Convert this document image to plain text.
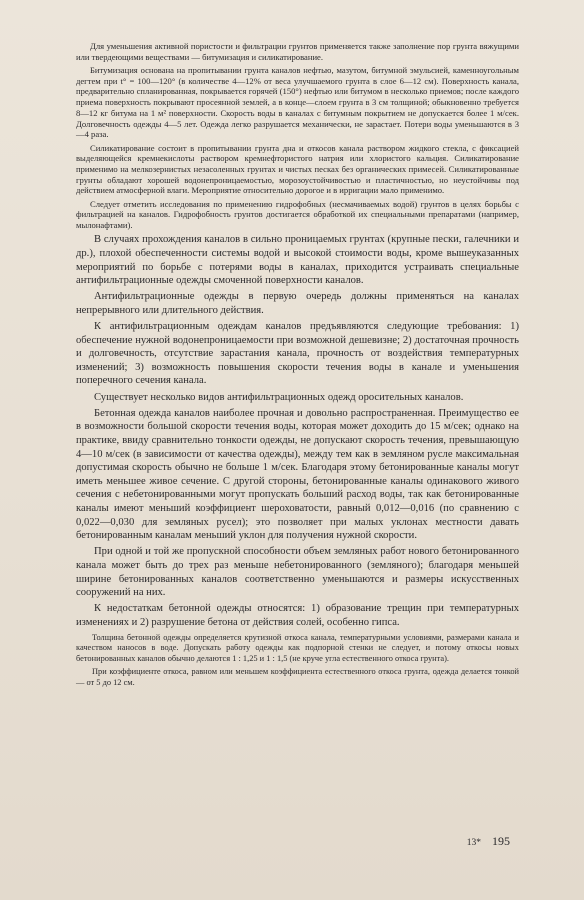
Для уменьшения активной пористости и фильтрации грунтов применяется также заполнение пор грунта вяжущими или твердеющими веществами — битумизация и силикатирование.

Битумизация основана на пропитывании грунта каналов нефтью, мазутом, битумной эмульсией, каменноугольным дегтем при t° = 100—120° (в количестве 4—12% от веса улучшаемого грунта в слое 6—12 см). Поверхность канала, предварительно спланированная, покрывается горячей (150°) нефтью или битумом в несколько приемов; после каждого приема поверхность покрывают просеянной землей, а в конце—слоем грунта в 3 см толщиной; обыкновенно требуется 8—12 кг битума на 1 м² поверхности. Скорость воды в каналах с битумным покрытием не допускается более 1 м/сек. Долговечность одежды 4—5 лет. Одежда легко разрушается механически, не зарастает. Потери воды уменьшаются в 3—4 раза.

Силикатирование состоит в пропитывании грунта дна и откосов канала раствором жидкого стекла, с фиксацией выделяющейся кремнекислоты раствором кремнефтористого натрия или хлористого кальция. Силикатирование применимо на мелкозернистых незасоленных грунтах и чистых песках без органических примесей. Силикатированные грунты обладают хорошей водонепроницаемостью, морозоустойчивостью и пластичностью, но неустойчивы под действием атмосферной влаги. Мероприятие относительно дорогое и в ирригации мало применимо.

Следует отметить исследования по применению гидрофобных (несмачиваемых водой) грунтов в целях борьбы с фильтрацией на каналов. Гидрофобность грунтов достигается обработкой их специальными препаратами (например, мылонафтами).

В случаях прохождения каналов в сильно проницаемых грунтах (крупные пески, галечники и др.), плохой обеспеченности системы водой и высокой стоимости воды, кроме вышеуказанных мероприятий по борьбе с потерями воды в каналах, приходится устраивать специальные антифильтрационные одежды смоченной поверхности каналов.

Антифильтрационные одежды в первую очередь должны применяться на каналах непрерывного или длительного действия.

К антифильтрационным одеждам каналов предъявляются следующие требования: 1) обеспечение нужной водонепроницаемости при возможной дешевизне; 2) достаточная прочность и долговечность, отсутствие зарастания канала, прочность от воздействия температурных изменений; 3) возможность повышения скорости течения воды в канале и уменьшения поперечного сечения канала.

Существует несколько видов антифильтрационных одежд оросительных каналов.

Бетонная одежда каналов наиболее прочная и довольно распространенная. Преимущество ее в возможности большой скорости течения воды, которая может доходить до 15 м/сек; однако на практике, ввиду сравнительно тонкости одежды, не допускают скорость течения, превышающую 4—10 м/сек (в зависимости от качества одежды), между тем как в земляном русле максимальная допустимая скорость обычно не больше 1 м/сек. Благодаря этому бетонированные каналы могут иметь меньшее живое сечение. С другой стороны, бетонированные каналы одинакового живого сечения с небетонированными могут пропускать больший расход воды, так как бетонированные каналы имеют меньший коэффициент шероховатости, равный 0,012—0,016 (по сравнению с 0,022—0,030 для земляных русел); это позволяет при малых уклонах местности давать бетонированным каналам меньший уклон для получения нужной скорости.

При одной и той же пропускной способности объем земляных работ нового бетонированного канала может быть до трех раз меньше небетонированного (земляного); благодаря меньшей ширине бетонированных каналов соответственно уменьшаются и размеры искусственных сооружений на них.

К недостаткам бетонной одежды относятся: 1) образование трещин при температурных изменениях и 2) разрушение бетона от действия солей, особенно гипса.

Толщина бетонной одежды определяется крутизной откоса канала, температурными условиями, размерами канала и качеством наносов в воде. Допускать работу одежды как подпорной стенки не следует, и потому откосы новых бетонированных каналов обычно делаются 1 : 1,25 и 1 : 1,5 (не круче угла естественного откоса грунта).

При коэффициенте откоса, равном или меньшем коэффициента естественного откоса грунта, одежда делается тонкой — от 5 до 12 см.

13* 195
